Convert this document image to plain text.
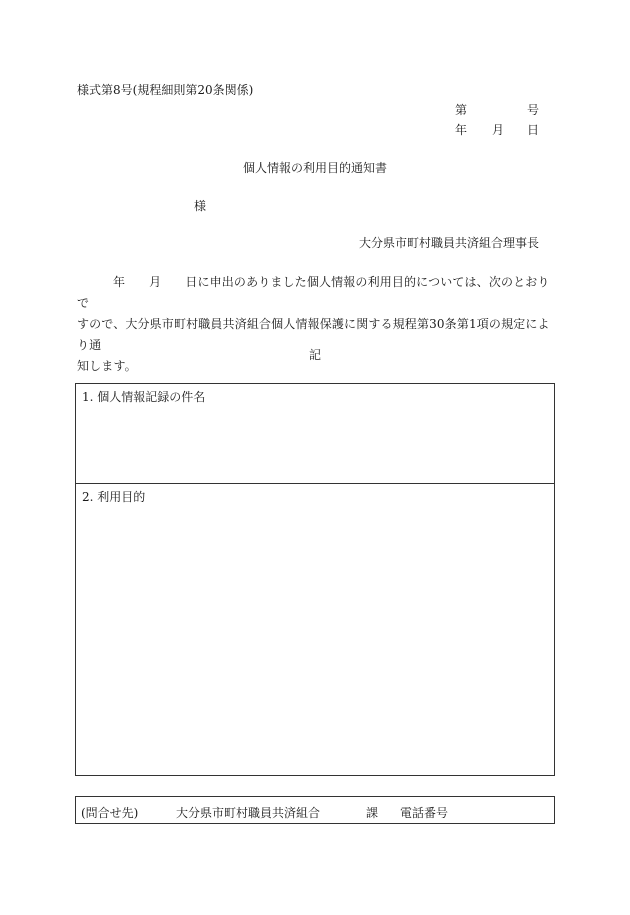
様式第8号(規程細則第20条関係)
第	号
年 月 日
個人情報の利用目的通知書
様
大分県市町村職員共済組合理事長
年 月 日に申出のありました個人情報の利用目的については、次のとおりで
すので、大分県市町村職員共済組合個人情報保護に関する規程第30条第1項の規定により通
知します。
記
1. 個人情報記録の件名
2. 利用目的
(問合せ先)	大分県市町村職員共済組合	課 電話番号
